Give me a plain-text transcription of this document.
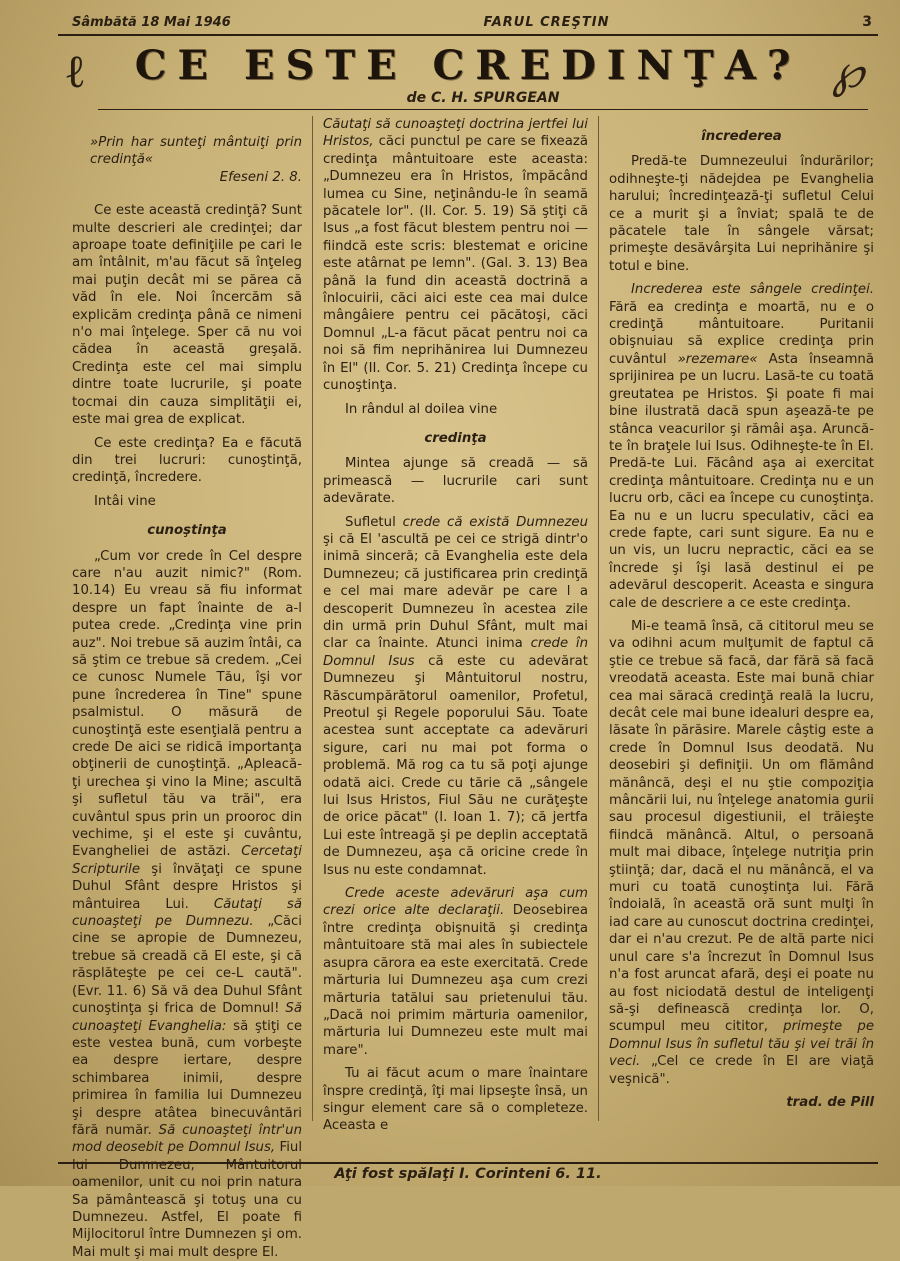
Sâmbătă 18 Mai 1946	FARUL CREŞTIN	3
ℓ CE ESTE CREDINŢA? ℘
de C. H. SPURGEAN
»Prin har sunteţi mântuiţi prin credinţă«
Efeseni 2. 8.

Ce este această credinţă? Sunt multe descrieri ale credinţei; dar aproape toate definiţiile pe cari le am întâlnit, m'au făcut să înţeleg mai puţin decât mi se părea că văd în ele. Noi încercăm să explicăm credinţa până ce nimeni n'o mai înţelege. Sper că nu voi cădea în această greşală. Credinţa este cel mai simplu dintre toate lucrurile, şi poate tocmai din cauza simplităţii ei, este mai grea de explicat.

Ce este credinţa? Ea e făcută din trei lucruri: cunoştinţă, credinţă, încredere.

Intâi vine

cunoştinţa

„Cum vor crede în Cel despre care n'au auzit nimic?" (Rom. 10.14) Eu vreau să fiu informat despre un fapt înainte de a-l putea crede. „Credinţa vine prin auz". Noi trebue să auzim întâi, ca să ştim ce trebue să credem. „Cei ce cunosc Numele Tău, îşi vor pune încrederea în Tine" spune psalmistul. O măsură de cunoştinţă este esenţială pentru a crede De aici se ridică importanţa obţinerii de cunoştinţă. „Apleacă-ţi urechea şi vino la Mine; ascultă şi sufletul tău va trăi", era cuvântul spus prin un prooroc din vechime, şi el este şi cuvântu, Evangheliei de astăzi. Cercetaţi Scripturile şi învăţaţi ce spune Duhul Sfânt despre Hristos şi mântuirea Lui. Căutaţi să cunoaşteţi pe Dumnezu. „Căci cine se apropie de Dumnezeu, trebue să creadă că El este, şi că răsplăteşte pe cei ce-L caută". (Evr. 11. 6) Să vă dea Duhul Sfânt cunoştinţa şi frica de Domnul! Să cunoaşteţi Evanghelia: să ştiţi ce este vestea bună, cum vorbeşte ea despre iertare, despre schimbarea inimii, despre primirea în familia lui Dumnezeu şi despre atâtea binecuvântări fără număr. Să cunoaşteţi într'un mod deosebit pe Domnul Isus, Fiul lui Dumnezeu, Mântuitorul oamenilor, unit cu noi prin natura Sa pământească şi totuş una cu Dumnezeu. Astfel, El poate fi Mijlocitorul între Dumnezen şi om. Mai mult şi mai mult despre El.

Căutaţi să cunoaşteţi doctrina jertfei lui Hristos, căci punctul pe care se fixează credinţa mântuitoare este aceasta: „Dumnezeu era în Hristos, împăcând lumea cu Sine, neţinându-le în seamă păcatele lor". (II. Cor. 5. 19) Să ştiţi că Isus „a fost făcut blestem pentru noi — fiindcă este scris: blestemat e oricine este atârnat pe lemn". (Gal. 3. 13) Bea până la fund din această doctrină a înlocuirii, căci aici este cea mai dulce mângâiere pentru cei păcătoşi, căci Domnul „L-a făcut păcat pentru noi ca noi să fim neprihănirea lui Dumnezeu în El" (II. Cor. 5. 21) Credinţa începe cu cunoştinţa.

In rândul al doilea vine

credinţa

Mintea ajunge să creadă — să primească — lucrurile cari sunt adevărate.

Sufletul crede că există Dumnezeu şi că El 'ascultă pe cei ce strigă dintr'o inimă sinceră; că Evanghelia este dela Dumnezeu; că justificarea prin credinţă e cel mai mare adevăr pe care l a descoperit Dumnezeu în acestea zile din urmă prin Duhul Sfânt, mult mai clar ca înainte. Atunci inima crede în Domnul Isus că este cu adevărat Dumnezeu şi Mântuitorul nostru, Răscumpărătorul oamenilor, Profetul, Preotul şi Regele poporului Său. Toate acestea sunt acceptate ca adevăruri sigure, cari nu mai pot forma o problemă. Mă rog ca tu să poţi ajunge odată aici. Crede cu tărie că „sângele lui Isus Hristos, Fiul Său ne curăţeşte de orice păcat" (I. Ioan 1. 7); că jertfa Lui este întreagă şi pe deplin acceptată de Dumnezeu, aşa că oricine crede în Isus nu este condamnat.

Crede aceste adevăruri aşa cum crezi orice alte declaraţii. Deosebirea între credinţa obişnuită şi credinţa mântuitoare stă mai ales în subiectele asupra cărora ea este exercitată. Crede mărturia lui Dumnezeu aşa cum crezi mărturia tatălui sau prietenului tău. „Dacă noi primim mărturia oamenilor, mărturia lui Dumnezeu este mult mai mare".

Tu ai făcut acum o mare înaintare înspre credinţă, îţi mai lipseşte însă, un singur element care să o completeze. Aceasta e

încrederea

Predă-te Dumnezeului îndurărilor; odihneşte-ţi nădejdea pe Evanghelia harului; încredinţează-ţi sufletul Celui ce a murit şi a înviat; spală te de păcatele tale în sângele vărsat; primeşte desăvârşita Lui neprihănire şi totul e bine.

Increderea este sângele credinţei. Fără ea credinţa e moartă, nu e o credinţă mântuitoare. Puritanii obişnuiau să explice credinţa prin cuvântul »rezemare« Asta înseamnă sprijinirea pe un lucru. Lasă-te cu toată greutatea pe Hristos. Şi poate fi mai bine ilustrată dacă spun aşează-te pe stânca veacurilor şi rămâi aşa. Aruncă-te în braţele lui Isus. Odihneşte-te în El. Predă-te Lui. Făcând aşa ai exercitat credinţa mântuitoare. Credinţa nu e un lucru orb, căci ea începe cu cunoştinţa. Ea nu e un lucru speculativ, căci ea crede fapte, cari sunt sigure. Ea nu e un vis, un lucru nepractic, căci ea se încrede şi îşi lasă destinul ei pe adevărul descoperit. Aceasta e singura cale de descriere a ce este credinţa.

Mi-e teamă însă, că cititorul meu se va odihni acum mulţumit de faptul că ştie ce trebue să facă, dar fără să facă vreodată aceasta. Este mai bună chiar cea mai săracă credinţă reală la lucru, decât cele mai bune idealuri despre ea, lăsate în părăsire. Marele câştig este a crede în Domnul Isus deodată. Nu deosebiri şi definiţii. Un om flămând mănâncă, deşi el nu ştie compoziţia mâncării lui, nu înţelege anatomia gurii sau procesul digestiunii, el trăieşte fiindcă mănâncă. Altul, o persoană mult mai dibace, înţelege nutriţia prin ştiinţă; dar, dacă el nu mănâncă, el va muri cu toată cunoştinţa lui. Fără îndoială, în această oră sunt mulţi în iad care au cunoscut doctrina credinţei, dar ei n'au crezut. Pe de altă parte nici unul care s'a încrezut în Domnul Isus n'a fost aruncat afară, deşi ei poate nu au fost niciodată destul de inteligenţi să-şi definească credinţa lor. O, scumpul meu cititor, primeşte pe Domnul Isus în sufletul tău şi vei trăi în veci. „Cel ce crede în El are viaţă veşnică".

trad. de Pill
Aţi fost spălaţi I. Corinteni 6. 11.
